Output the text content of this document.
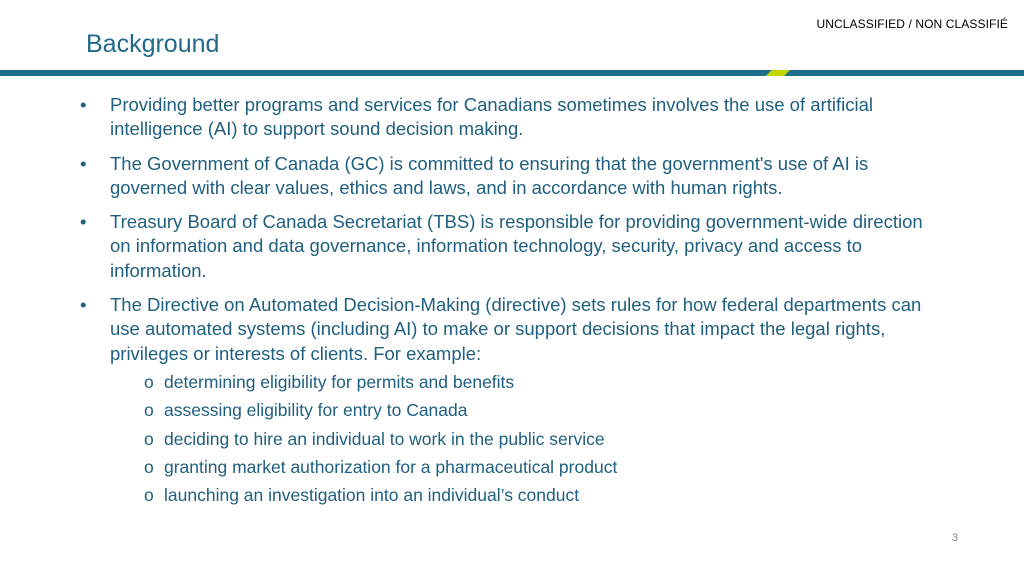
UNCLASSIFIED / NON CLASSIFIÉ
Background
•	Providing better programs and services for Canadians sometimes involves the use of artificial intelligence (AI) to support sound decision making.
•	The Government of Canada (GC) is committed to ensuring that the government's use of AI is governed with clear values, ethics and laws, and in accordance with human rights.
•	Treasury Board of Canada Secretariat (TBS) is responsible for providing government-wide direction on information and data governance, information technology, security, privacy and access to information.
•	The Directive on Automated Decision-Making (directive) sets rules for how federal departments can use automated systems (including AI) to make or support decisions that impact the legal rights, privileges or interests of clients. For example:
o determining eligibility for permits and benefits
o assessing eligibility for entry to Canada
o deciding to hire an individual to work in the public service
o granting market authorization for a pharmaceutical product
o launching an investigation into an individual’s conduct
3
